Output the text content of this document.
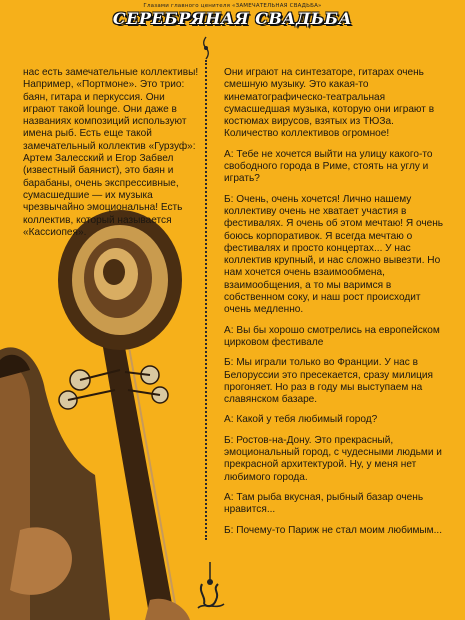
Глазами главного ценителя «ЗАМЕЧАТЕЛЬНАЯ СВАДЬБА»
СЕРЕБРЯНАЯ СВАДЬБА

нас есть замечательные коллективы! Например, «Портмоне». Это трио: баян, гитара и перкуссия. Они играют такой lounge. Они даже в названиях композиций используют имена рыб. Есть еще такой замечательный коллектив «Гурзуф»: Артем Залесский и Егор Забвел (известный баянист), это баян и барабаны, очень экспрессивные, сумасшедшие — их музыка чрезвычайно эмоциональна! Есть коллектив, который называется «Кассиопея».

Они играют на синтезаторе, гитарах очень смешную музыку. Это какая-то кинематографическо-театральная сумасшедшая музыка, которую они играют в костюмах вирусов, взятых из ТЮЗа. Количество коллективов огромное!

А: Тебе не хочется выйти на улицу какого-то свободного города в Риме, стоять на углу и играть?

Б: Очень, очень хочется! Лично нашему коллективу очень не хватает участия в фестивалях. Я очень об этом мечтаю! Я очень боюсь корпоративок. Я всегда мечтаю о фестивалях и просто концертах... У нас коллектив крупный, и нас сложно вывезти. Но нам хочется очень взаимообмена, взаимообщения, а то мы варимся в собственном соку, и наш рост происходит очень медленно.

А: Вы бы хорошо смотрелись на европейском цирковом фестивале

Б: Мы играли только во Франции. У нас в Белоруссии это пресекается, сразу милиция прогоняет. Но раз в году мы выступаем на славянском базаре.

А: Какой у тебя любимый город?

Б: Ростов-на-Дону. Это прекрасный, эмоциональный город, с чудесными людьми и прекрасной архитектурой. Ну, у меня нет любимого города.

А: Там рыба вкусная, рыбный базар очень нравится...

Б: Почему-то Париж не стал моим любимым...
